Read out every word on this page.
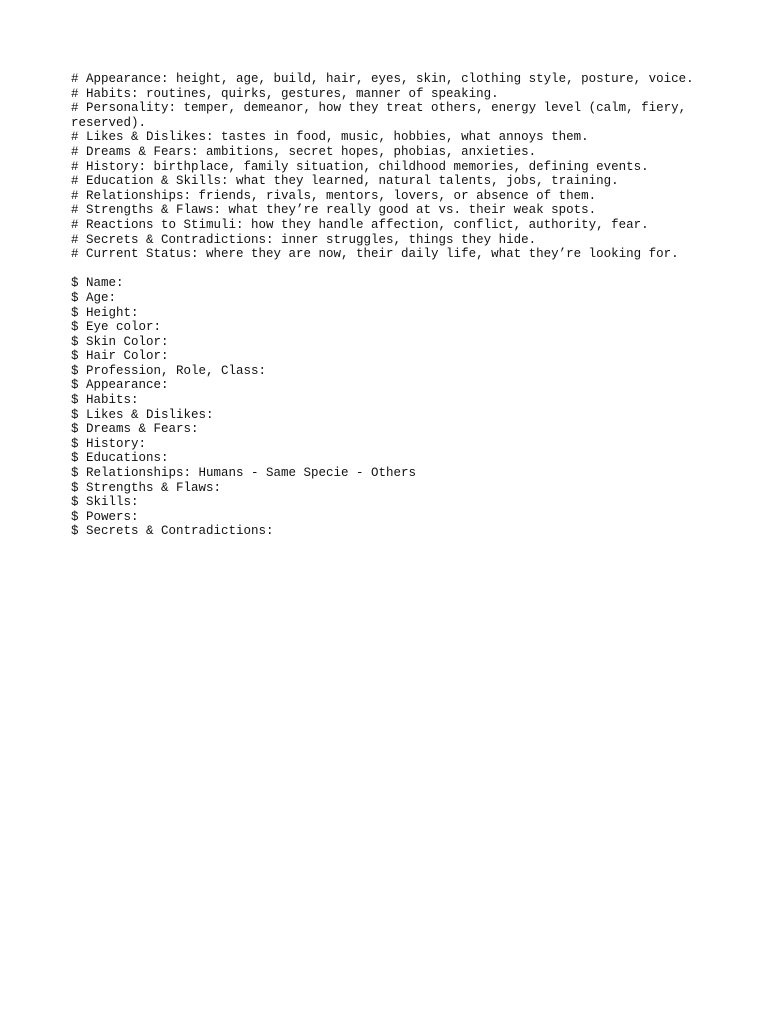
# Appearance: height, age, build, hair, eyes, skin, clothing style, posture, voice.
# Habits: routines, quirks, gestures, manner of speaking.
# Personality: temper, demeanor, how they treat others, energy level (calm, fiery, reserved).
# Likes & Dislikes: tastes in food, music, hobbies, what annoys them.
# Dreams & Fears: ambitions, secret hopes, phobias, anxieties.
# History: birthplace, family situation, childhood memories, defining events.
# Education & Skills: what they learned, natural talents, jobs, training.
# Relationships: friends, rivals, mentors, lovers, or absence of them.
# Strengths & Flaws: what they’re really good at vs. their weak spots.
# Reactions to Stimuli: how they handle affection, conflict, authority, fear.
# Secrets & Contradictions: inner struggles, things they hide.
# Current Status: where they are now, their daily life, what they’re looking for.
$ Name:
$ Age:
$ Height:
$ Eye color:
$ Skin Color:
$ Hair Color:
$ Profession, Role, Class:
$ Appearance:
$ Habits:
$ Likes & Dislikes:
$ Dreams & Fears:
$ History:
$ Educations:
$ Relationships: Humans - Same Specie - Others
$ Strengths & Flaws:
$ Skills:
$ Powers:
$ Secrets & Contradictions:
